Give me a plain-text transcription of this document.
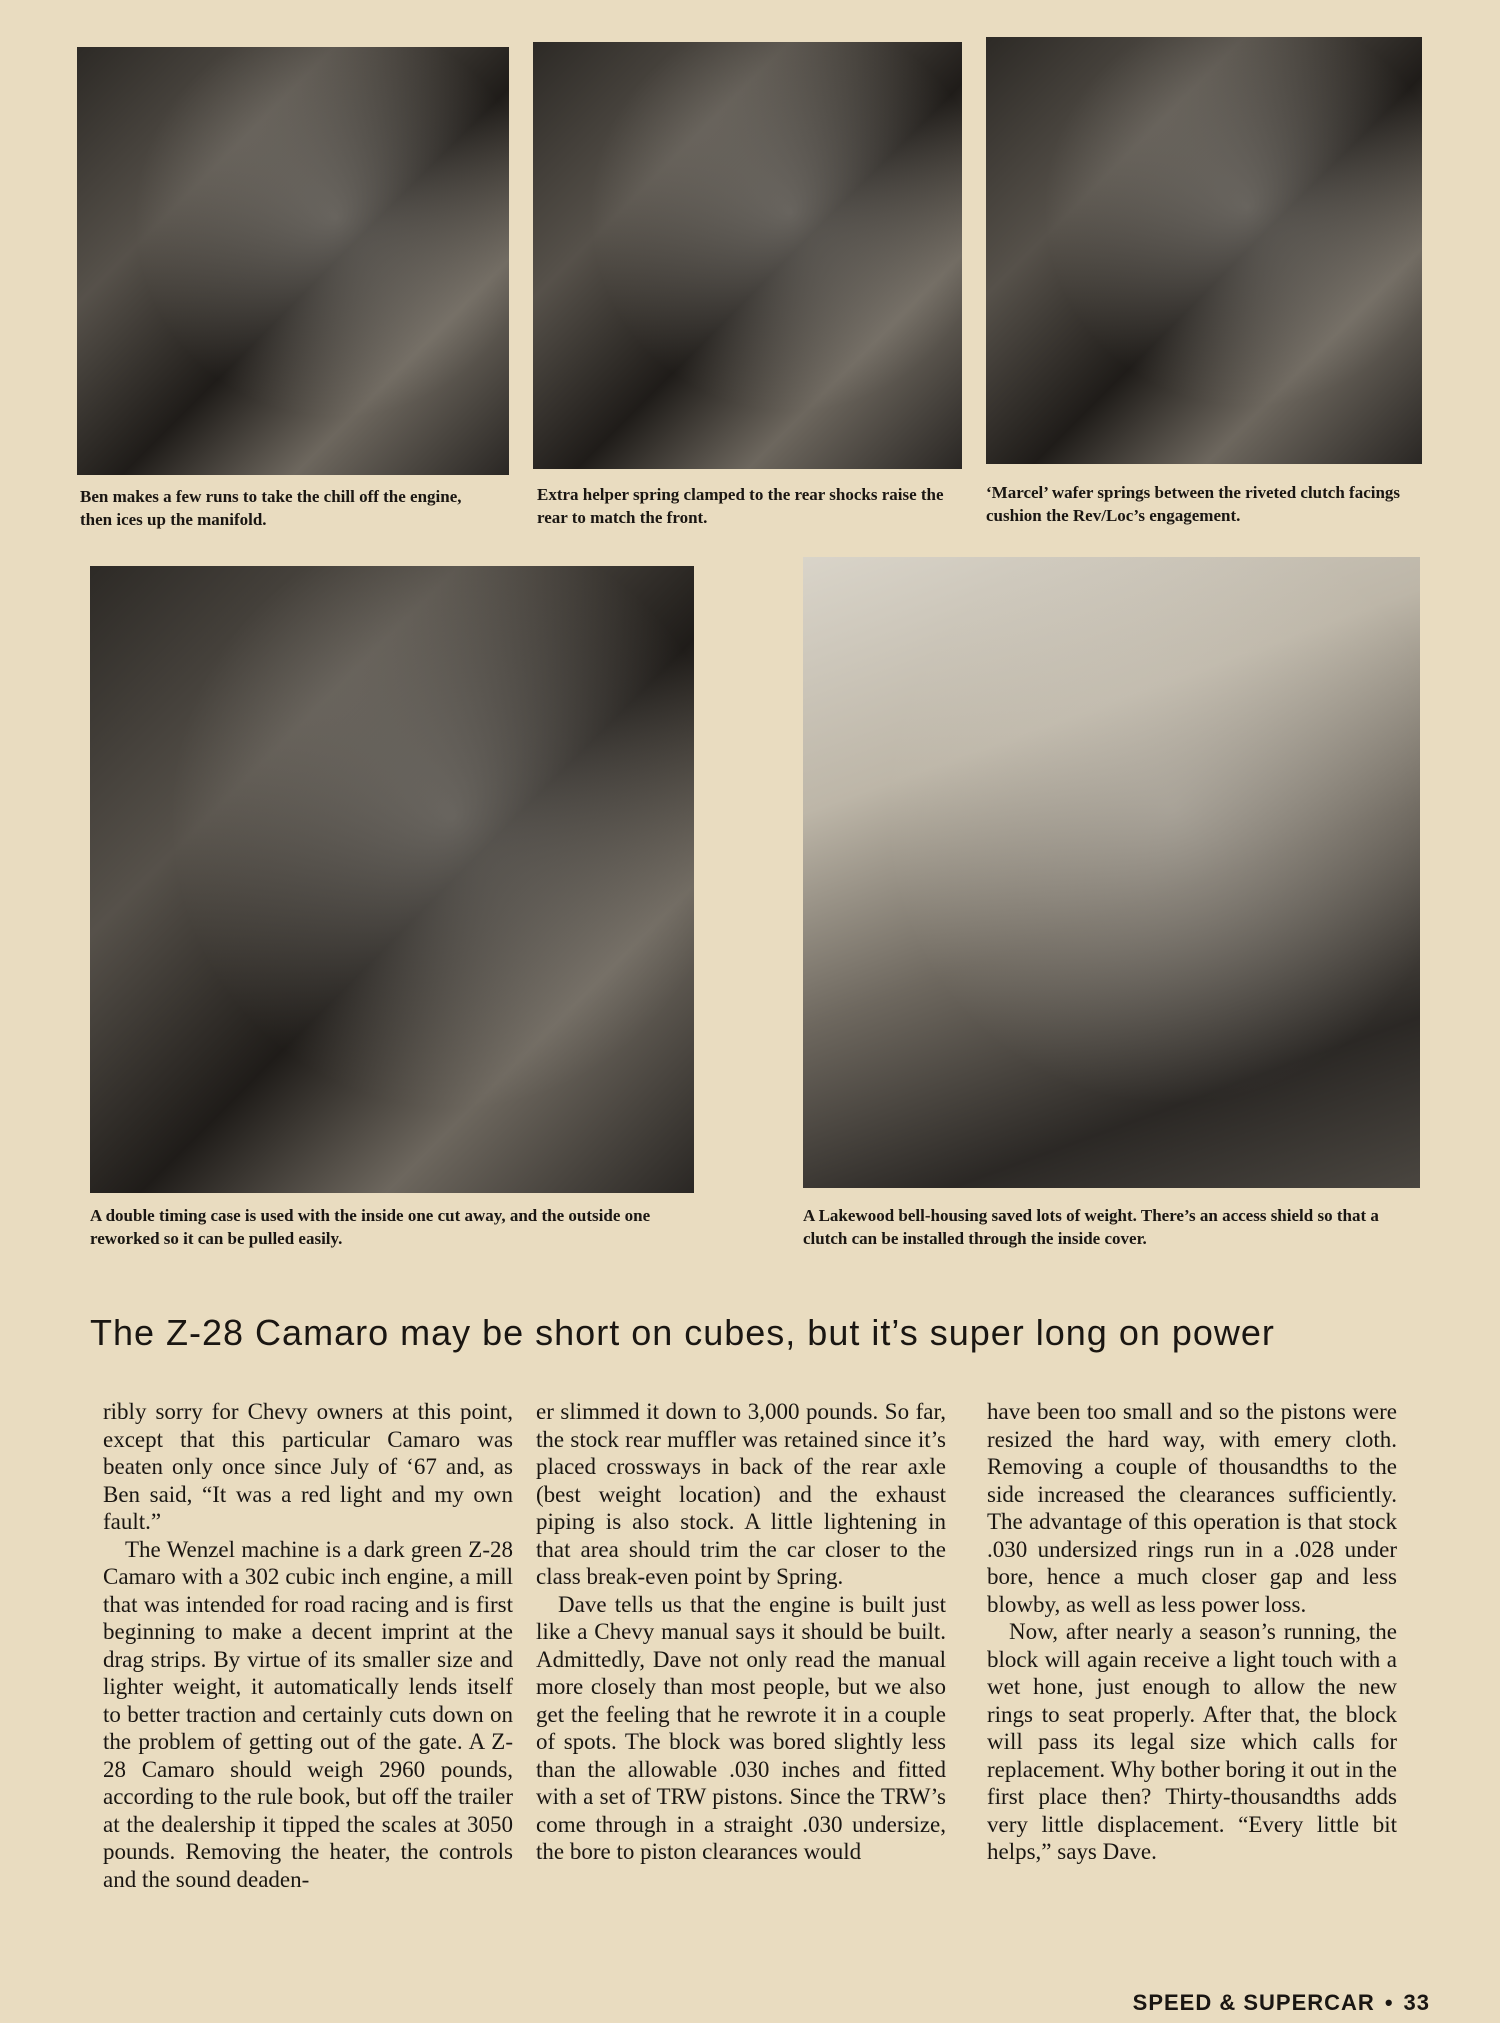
Ben makes a few runs to take the chill off the engine, then ices up the manifold.
Extra helper spring clamped to the rear shocks raise the rear to match the front.
‘Marcel’ wafer springs between the riveted clutch facings cushion the Rev/Loc’s engagement.
A double timing case is used with the inside one cut away, and the outside one reworked so it can be pulled easily.
A Lakewood bell-housing saved lots of weight. There’s an access shield so that a clutch can be installed through the inside cover.
The Z-28 Camaro may be short on cubes, but it’s super long on power

ribly sorry for Chevy owners at this point, except that this particular Camaro was beaten only once since July of ‘67 and, as Ben said, “It was a red light and my own fault.”

The Wenzel machine is a dark green Z-28 Camaro with a 302 cubic inch engine, a mill that was intended for road racing and is first beginning to make a decent imprint at the drag strips. By virtue of its smaller size and lighter weight, it automatically lends itself to better traction and certainly cuts down on the problem of getting out of the gate. A Z-28 Camaro should weigh 2960 pounds, according to the rule book, but off the trailer at the dealership it tipped the scales at 3050 pounds. Removing the heater, the controls and the sound deaden-

er slimmed it down to 3,000 pounds. So far, the stock rear muffler was retained since it’s placed crossways in back of the rear axle (best weight location) and the exhaust piping is also stock. A little lightening in that area should trim the car closer to the class break-even point by Spring.

Dave tells us that the engine is built just like a Chevy manual says it should be built. Admittedly, Dave not only read the manual more closely than most people, but we also get the feeling that he rewrote it in a couple of spots. The block was bored slightly less than the allowable .030 inches and fitted with a set of TRW pistons. Since the TRW’s come through in a straight .030 undersize, the bore to piston clearances would

have been too small and so the pistons were resized the hard way, with emery cloth. Removing a couple of thousandths to the side increased the clearances sufficiently. The advantage of this operation is that stock .030 undersized rings run in a .028 under bore, hence a much closer gap and less blowby, as well as less power loss.

Now, after nearly a season’s running, the block will again receive a light touch with a wet hone, just enough to allow the new rings to seat properly. After that, the block will pass its legal size which calls for replacement. Why bother boring it out in the first place then? Thirty-thousandths adds very little displacement. “Every little bit helps,” says Dave.

SPEED & SUPERCAR • 33
